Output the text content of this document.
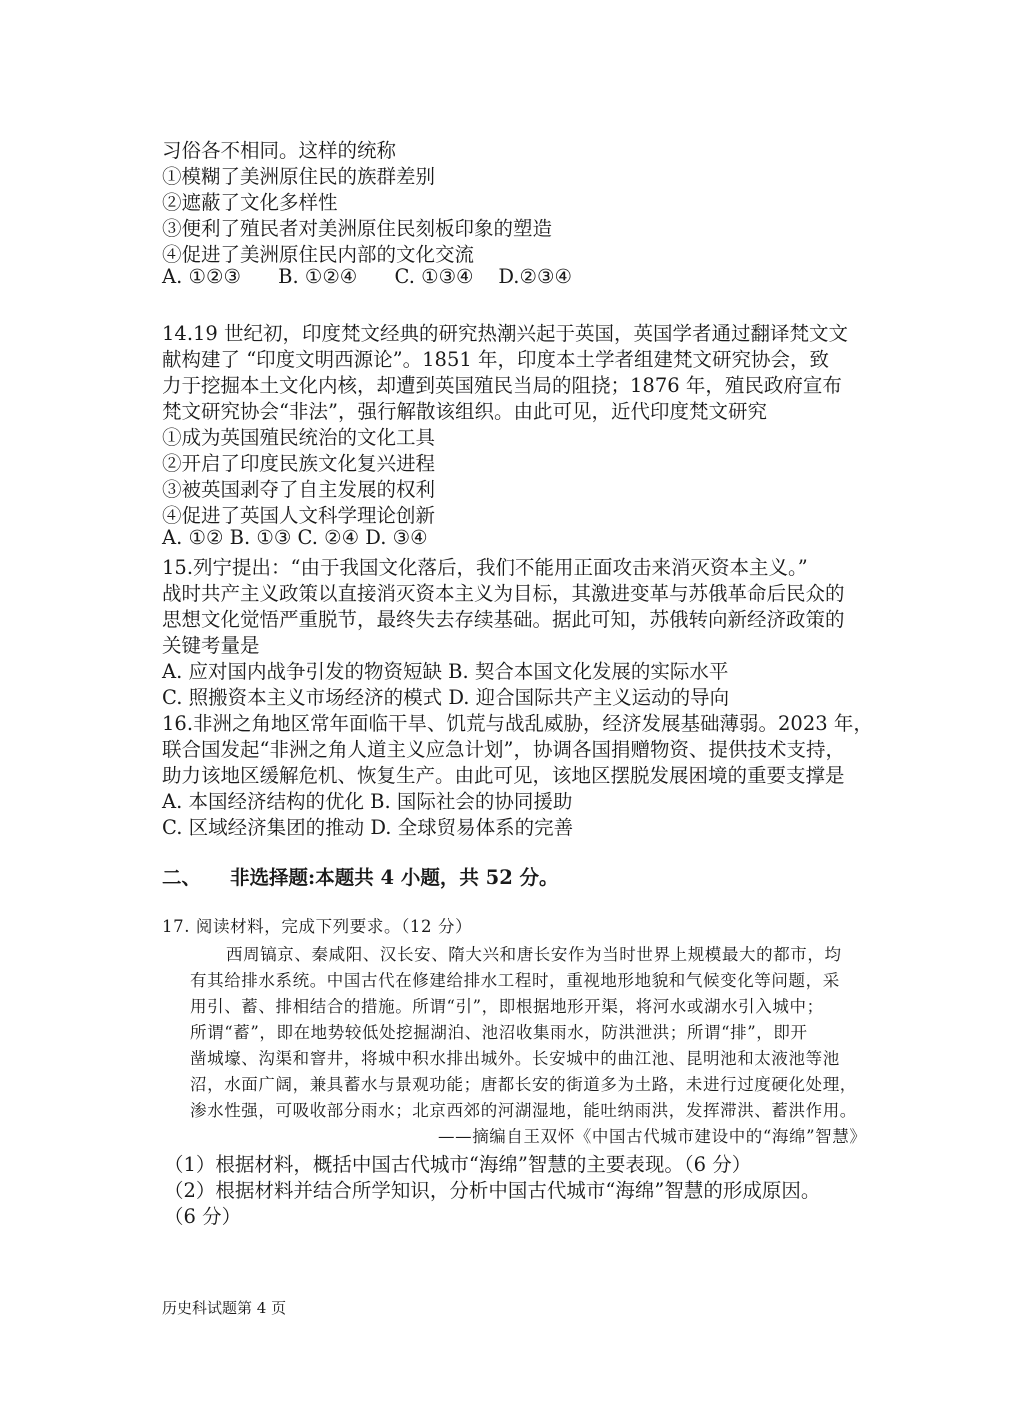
习俗各不相同。这样的统称
①模糊了美洲原住民的族群差别
②遮蔽了文化多样性
③便利了殖民者对美洲原住民刻板印象的塑造
④促进了美洲原住民内部的文化交流
A. ①②③      B. ①②④      C. ①③④    D.②③④
14.19 世纪初，印度梵文经典的研究热潮兴起于英国，英国学者通过翻译梵文文
献构建了 “印度文明西源论”。1851 年，印度本土学者组建梵文研究协会，致
力于挖掘本土文化内核，却遭到英国殖民当局的阻挠；1876 年，殖民政府宣布
梵文研究协会“非法”，强行解散该组织。由此可见，近代印度梵文研究
①成为英国殖民统治的文化工具
②开启了印度民族文化复兴进程
③被英国剥夺了自主发展的权利
④促进了英国人文科学理论创新
A. ①② B. ①③ C. ②④ D. ③④
15.列宁提出：“由于我国文化落后，我们不能用正面攻击来消灭资本主义。”
战时共产主义政策以直接消灭资本主义为目标，其激进变革与苏俄革命后民众的
思想文化觉悟严重脱节，最终失去存续基础。据此可知，苏俄转向新经济政策的
关键考量是
A. 应对国内战争引发的物资短缺 B. 契合本国文化发展的实际水平
C. 照搬资本主义市场经济的模式 D. 迎合国际共产主义运动的导向
16.非洲之角地区常年面临干旱、饥荒与战乱威胁，经济发展基础薄弱。2023 年，
联合国发起“非洲之角人道主义应急计划”，协调各国捐赠物资、提供技术支持，
助力该地区缓解危机、恢复生产。由此可见，该地区摆脱发展困境的重要支撑是
A. 本国经济结构的优化 B. 国际社会的协同援助
C. 区域经济集团的推动 D. 全球贸易体系的完善
二、 非选择题:本题共 4 小题，共 52 分。
17. 阅读材料，完成下列要求。（12 分）
西周镐京、秦咸阳、汉长安、隋大兴和唐长安作为当时世界上规模最大的都市，均
有其给排水系统。中国古代在修建给排水工程时，重视地形地貌和气候变化等问题，采
用引、蓄、排相结合的措施。所谓“引”，即根据地形开渠，将河水或湖水引入城中；
所谓“蓄”，即在地势较低处挖掘湖泊、池沼收集雨水，防洪泄洪；所谓“排”，即开
凿城壕、沟渠和窨井，将城中积水排出城外。长安城中的曲江池、昆明池和太液池等池
沼，水面广阔，兼具蓄水与景观功能；唐都长安的街道多为土路，未进行过度硬化处理，
渗水性强，可吸收部分雨水；北京西郊的河湖湿地，能吐纳雨洪，发挥滞洪、蓄洪作用。
——摘编自王双怀《中国古代城市建设中的“海绵”智慧》
（1）根据材料，概括中国古代城市“海绵”智慧的主要表现。（6 分）
（2）根据材料并结合所学知识，分析中国古代城市“海绵”智慧的形成原因。
（6 分）
历史科试题第 4 页
